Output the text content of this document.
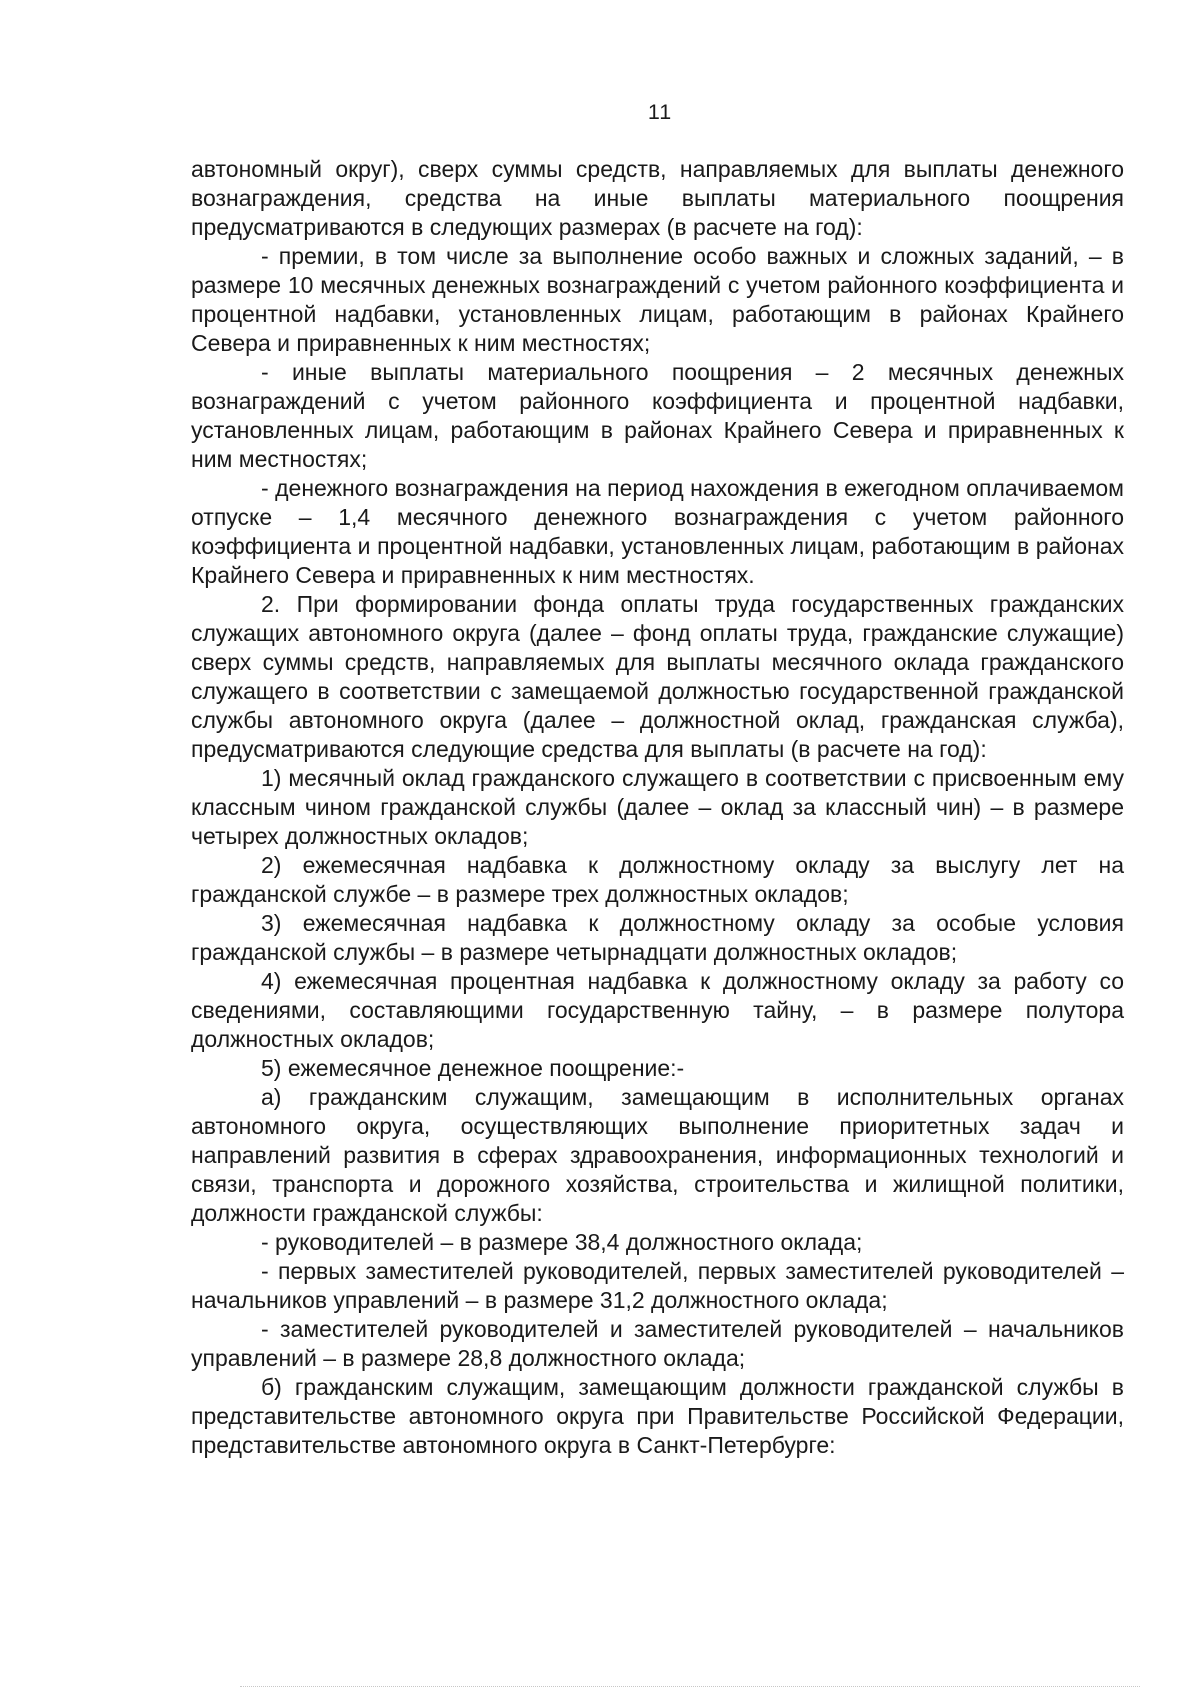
11

автономный округ), сверх суммы средств, направляемых для выплаты денежного вознаграждения, средства на иные выплаты материального поощрения предусматриваются в следующих размерах (в расчете на год):

- премии, в том числе за выполнение особо важных и сложных заданий, – в размере 10 месячных денежных вознаграждений с учетом районного коэффициента и процентной надбавки, установленных лицам, работающим в районах Крайнего Севера и приравненных к ним местностях;

- иные выплаты материального поощрения – 2 месячных денежных вознаграждений с учетом районного коэффициента и процентной надбавки, установленных лицам, работающим в районах Крайнего Севера и приравненных к ним местностях;

- денежного вознаграждения на период нахождения в ежегодном оплачиваемом отпуске – 1,4 месячного денежного вознаграждения с учетом районного коэффициента и процентной надбавки, установленных лицам, работающим в районах Крайнего Севера и приравненных к ним местностях.

2. При формировании фонда оплаты труда государственных гражданских служащих автономного округа (далее – фонд оплаты труда, гражданские служащие) сверх суммы средств, направляемых для выплаты месячного оклада гражданского служащего в соответствии с замещаемой должностью государственной гражданской службы автономного округа (далее – должностной оклад, гражданская служба), предусматриваются следующие средства для выплаты (в расчете на год):

1) месячный оклад гражданского служащего в соответствии с присвоенным ему классным чином гражданской службы (далее – оклад за классный чин) – в размере четырех должностных окладов;

2) ежемесячная надбавка к должностному окладу за выслугу лет на гражданской службе – в размере трех должностных окладов;

3) ежемесячная надбавка к должностному окладу за особые условия гражданской службы – в размере четырнадцати должностных окладов;

4) ежемесячная процентная надбавка к должностному окладу за работу со сведениями, составляющими государственную тайну, – в размере полутора должностных окладов;

5) ежемесячное денежное поощрение:-

а) гражданским служащим, замещающим в исполнительных органах автономного округа, осуществляющих выполнение приоритетных задач и направлений развития в сферах здравоохранения, информационных технологий и связи, транспорта и дорожного хозяйства, строительства и жилищной политики, должности гражданской службы:

- руководителей – в размере 38,4 должностного оклада;

- первых заместителей руководителей, первых заместителей руководителей – начальников управлений – в размере 31,2 должностного оклада;

- заместителей руководителей и заместителей руководителей – начальников управлений – в размере 28,8 должностного оклада;

б) гражданским служащим, замещающим должности гражданской службы в представительстве автономного округа при Правительстве Российской Федерации, представительстве автономного округа в Санкт-Петербурге:
